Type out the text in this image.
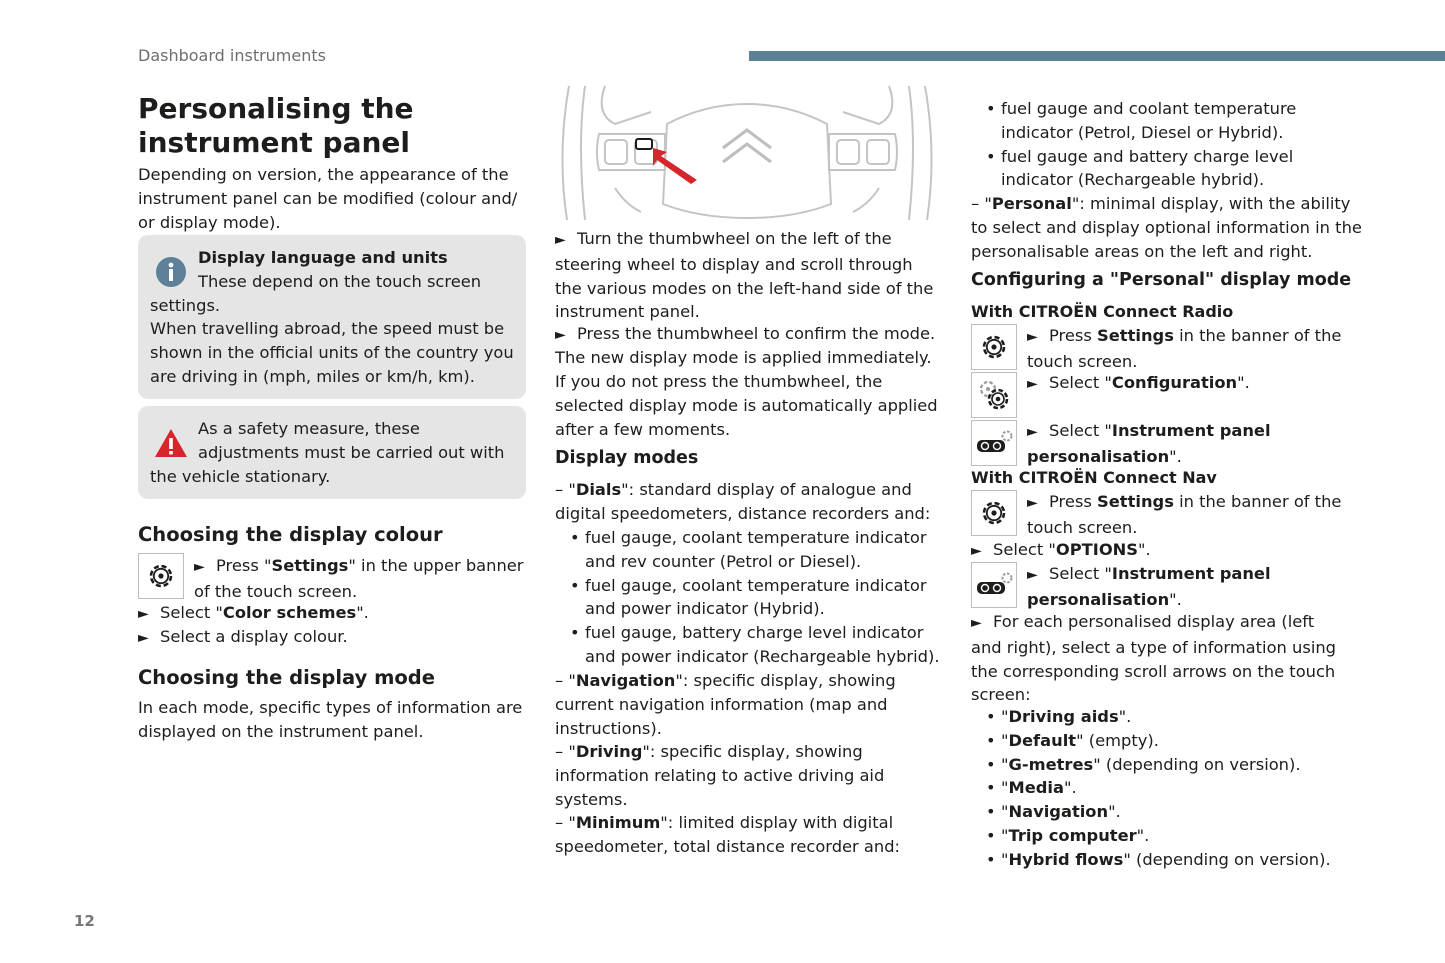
Dashboard instruments
12
Personalising the instrument panel

Depending on version, the appearance of the instrument panel can be modified (colour and/ or display mode).

Display language and units

These depend on the touch screen settings.

When travelling abroad, the speed must be shown in the official units of the country you are driving in (mph, miles or km/h, km).

As a safety measure, these adjustments must be carried out with the vehicle stationary.

Choosing the display colour

► Press "Settings" in the upper banner of the touch screen.

► Select "Color schemes".

► Select a display colour.

Choosing the display mode

In each mode, specific types of information are displayed on the instrument panel.

► Turn the thumbwheel on the left of the steering wheel to display and scroll through the various modes on the left-hand side of the instrument panel.

► Press the thumbwheel to confirm the mode.

The new display mode is applied immediately.

If you do not press the thumbwheel, the selected display mode is automatically applied after a few moments.

Display modes

– "Dials": standard display of analogue and digital speedometers, distance recorders and:

• fuel gauge, coolant temperature indicator and rev counter (Petrol or Diesel).
• fuel gauge, coolant temperature indicator and power indicator (Hybrid).
• fuel gauge, battery charge level indicator and power indicator (Rechargeable hybrid).

– "Navigation": specific display, showing current navigation information (map and instructions).

– "Driving": specific display, showing information relating to active driving aid systems.

– "Minimum": limited display with digital speedometer, total distance recorder and:

• fuel gauge and coolant temperature indicator (Petrol, Diesel or Hybrid).
• fuel gauge and battery charge level indicator (Rechargeable hybrid).

– "Personal": minimal display, with the ability to select and display optional information in the personalisable areas on the left and right.

Configuring a "Personal" display mode
With CITROËN Connect Radio

► Press Settings in the banner of the touch screen.

► Select "Configuration".

► Select "Instrument panel personalisation".

With CITROËN Connect Nav

► Press Settings in the banner of the touch screen.

► Select "OPTIONS".

► Select "Instrument panel personalisation".

► For each personalised display area (left and right), select a type of information using the corresponding scroll arrows on the touch screen:

• "Driving aids".
• "Default" (empty).
• "G-metres" (depending on version).
• "Media".
• "Navigation".
• "Trip computer".
• "Hybrid flows" (depending on version).
